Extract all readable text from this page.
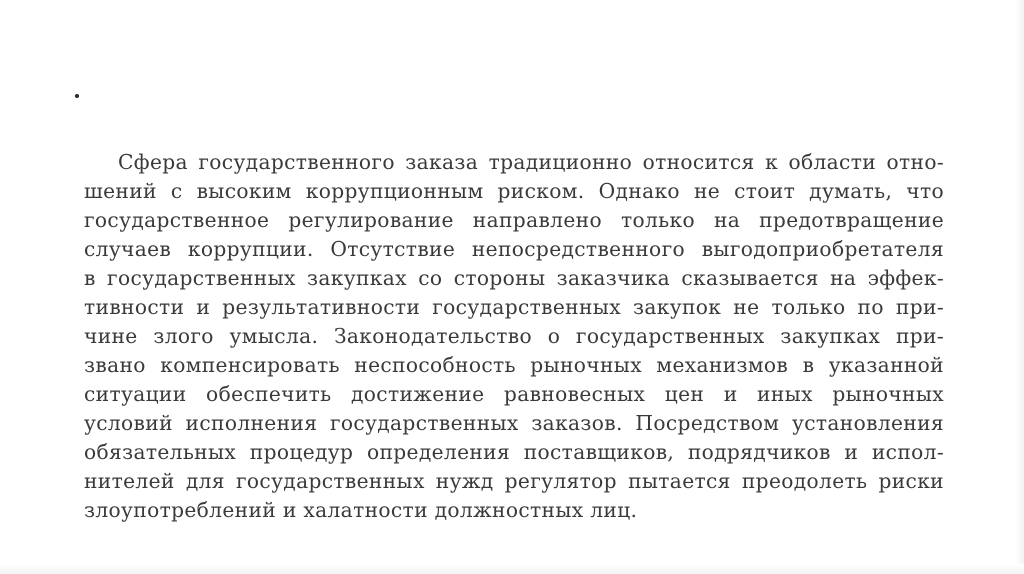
Сфера государственного заказа традиционно относится к области отно-
шений с высоким коррупционным риском. Однако не стоит думать, что
государственное регулирование направлено только на предотвращение
случаев коррупции. Отсутствие непосредственного выгодоприобретателя
в государственных закупках со стороны заказчика сказывается на эффек-
тивности и результативности государственных закупок не только по при-
чине злого умысла. Законодательство о государственных закупках при-
звано компенсировать неспособность рыночных механизмов в указанной
ситуации обеспечить достижение равновесных цен и иных рыночных
условий исполнения государственных заказов. Посредством установления
обязательных процедур определения поставщиков, подрядчиков и испол-
нителей для государственных нужд регулятор пытается преодолеть риски
злоупотреблений и халатности должностных лиц.
